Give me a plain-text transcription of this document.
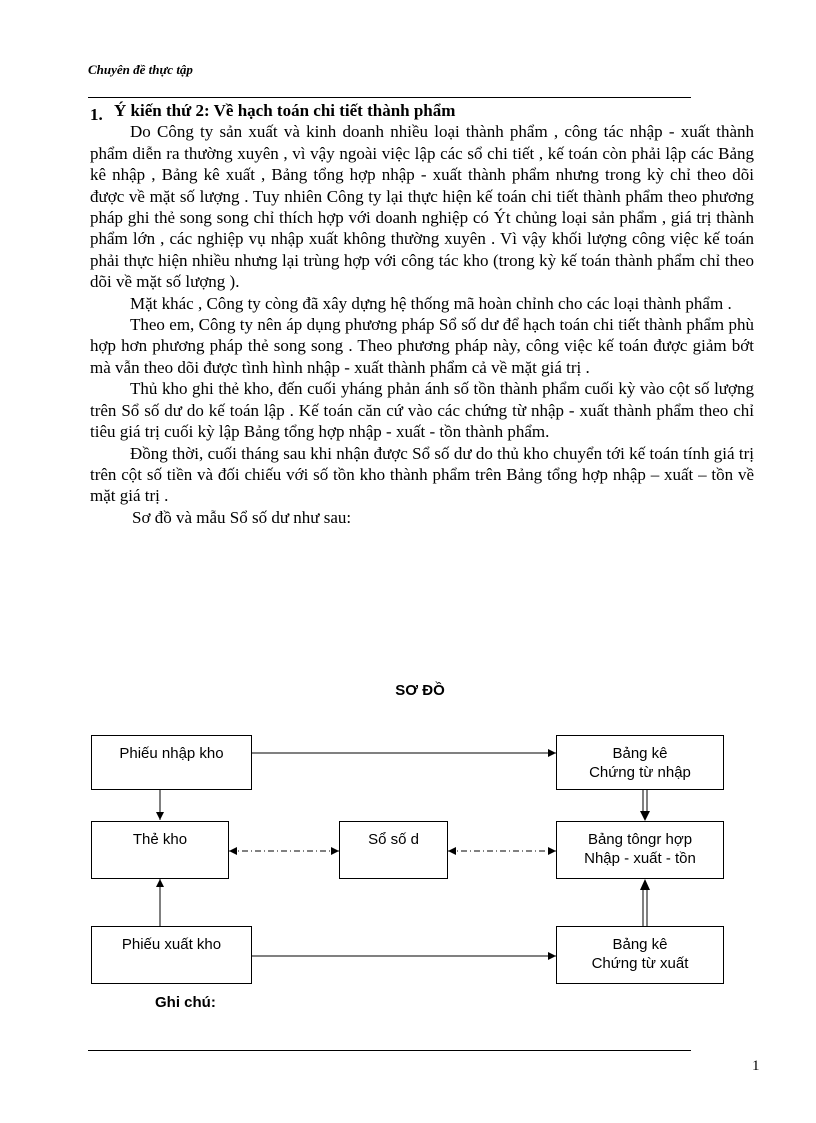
Chuyên đề thực tập
1. Ý kiến thứ 2: Về hạch toán chi tiết thành phẩm

Do Công ty sản xuất và kinh doanh nhiều loại thành phẩm , công tác nhập - xuất thành phẩm diễn ra thường xuyên , vì vậy ngoài việc lập các sổ chi tiết , kế toán còn phải lập các Bảng kê nhập , Bảng kê xuất , Bảng tổng hợp nhập - xuất thành phẩm nhưng trong kỳ chỉ theo dõi được về mặt số lượng . Tuy nhiên Công ty lại thực hiện kế toán chi tiết thành phẩm theo phương pháp ghi thẻ song song chỉ thích hợp với doanh nghiệp có Ýt chủng loại sản phẩm , giá trị thành phẩm lớn , các nghiệp vụ nhập xuất không thường xuyên . Vì vậy khối lượng công việc kế toán phải thực hiện nhiều nhưng lại trùng hợp với công tác kho (trong kỳ kế toán thành phẩm chỉ theo dõi về mặt số lượng ).

Mặt khác , Công ty còng đã xây dựng hệ thống mã hoàn chỉnh cho các loại thành phẩm .

Theo em, Công ty nên áp dụng phương pháp Sổ số dư để hạch toán chi tiết thành phẩm phù hợp hơn phương pháp thẻ song song . Theo phương pháp này, công việc kế toán được giảm bớt mà vẫn theo dõi được tình hình nhập - xuất thành phẩm cả về mặt giá trị .

Thủ kho ghi thẻ kho, đến cuối yháng phản ánh số tồn thành phẩm cuối kỳ vào cột số lượng trên Sổ số dư do kế toán lập . Kế toán căn cứ vào các chứng từ nhập - xuất thành phẩm theo chỉ tiêu giá trị cuối kỳ lập Bảng tổng hợp nhập - xuất - tồn thành phẩm.

Đồng thời, cuối tháng sau khi nhận được Sổ số dư do thủ kho chuyển tới kế toán tính giá trị trên cột số tiền và đối chiếu với số tồn kho thành phẩm trên Bảng tổng hợp nhập – xuất – tồn về mặt giá trị .

Sơ đồ và mẫu Sổ số dư như sau:

SƠ ĐỒ
Phiếu nhập kho
Thẻ kho
Phiếu xuất kho
Sổ số d
Bảng kê
Chứng từ nhập
Bảng tôngr hợp
Nhập - xuất - tồn
Bảng kê
Chứng từ xuất
Ghi chú:
1
